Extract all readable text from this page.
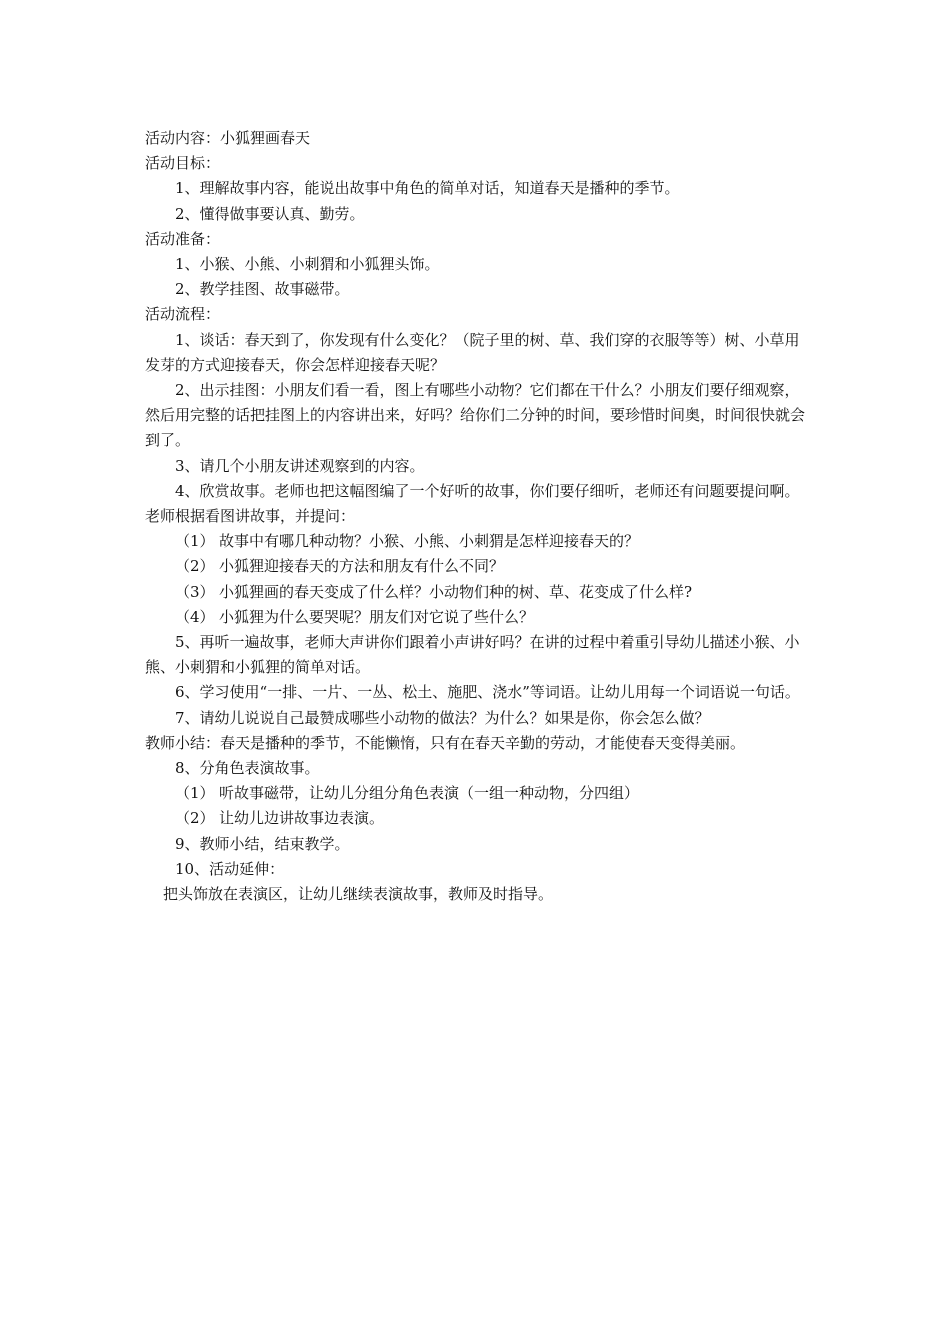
活动内容：小狐狸画春天

活动目标：

1、理解故事内容，能说出故事中角色的简单对话，知道春天是播种的季节。

2、懂得做事要认真、勤劳。

活动准备：

1、小猴、小熊、小刺猬和小狐狸头饰。

2、教学挂图、故事磁带。

活动流程：

1、谈话：春天到了，你发现有什么变化？（院子里的树、草、我们穿的衣服等等）树、小草用发芽的方式迎接春天，你会怎样迎接春天呢？

2、出示挂图：小朋友们看一看，图上有哪些小动物？它们都在干什么？小朋友们要仔细观察，然后用完整的话把挂图上的内容讲出来，好吗？给你们二分钟的时间，要珍惜时间奥，时间很快就会到了。

3、请几个小朋友讲述观察到的内容。

4、欣赏故事。老师也把这幅图编了一个好听的故事，你们要仔细听，老师还有问题要提问啊。老师根据看图讲故事，并提问：

（1） 故事中有哪几种动物？小猴、小熊、小刺猬是怎样迎接春天的？

（2） 小狐狸迎接春天的方法和朋友有什么不同？

（3） 小狐狸画的春天变成了什么样？小动物们种的树、草、花变成了什么样?

（4） 小狐狸为什么要哭呢？朋友们对它说了些什么？

5、再听一遍故事，老师大声讲你们跟着小声讲好吗？在讲的过程中着重引导幼儿描述小猴、小熊、小刺猬和小狐狸的简单对话。

6、学习使用“一排、一片、一丛、松土、施肥、浇水”等词语。让幼儿用每一个词语说一句话。

7、请幼儿说说自己最赞成哪些小动物的做法？为什么？如果是你，你会怎么做？

教师小结：春天是播种的季节，不能懒惰，只有在春天辛勤的劳动，才能使春天变得美丽。

8、分角色表演故事。

（1） 听故事磁带，让幼儿分组分角色表演（一组一种动物，分四组）

（2） 让幼儿边讲故事边表演。

9、教师小结，结束教学。

10、活动延伸：

把头饰放在表演区，让幼儿继续表演故事，教师及时指导。
